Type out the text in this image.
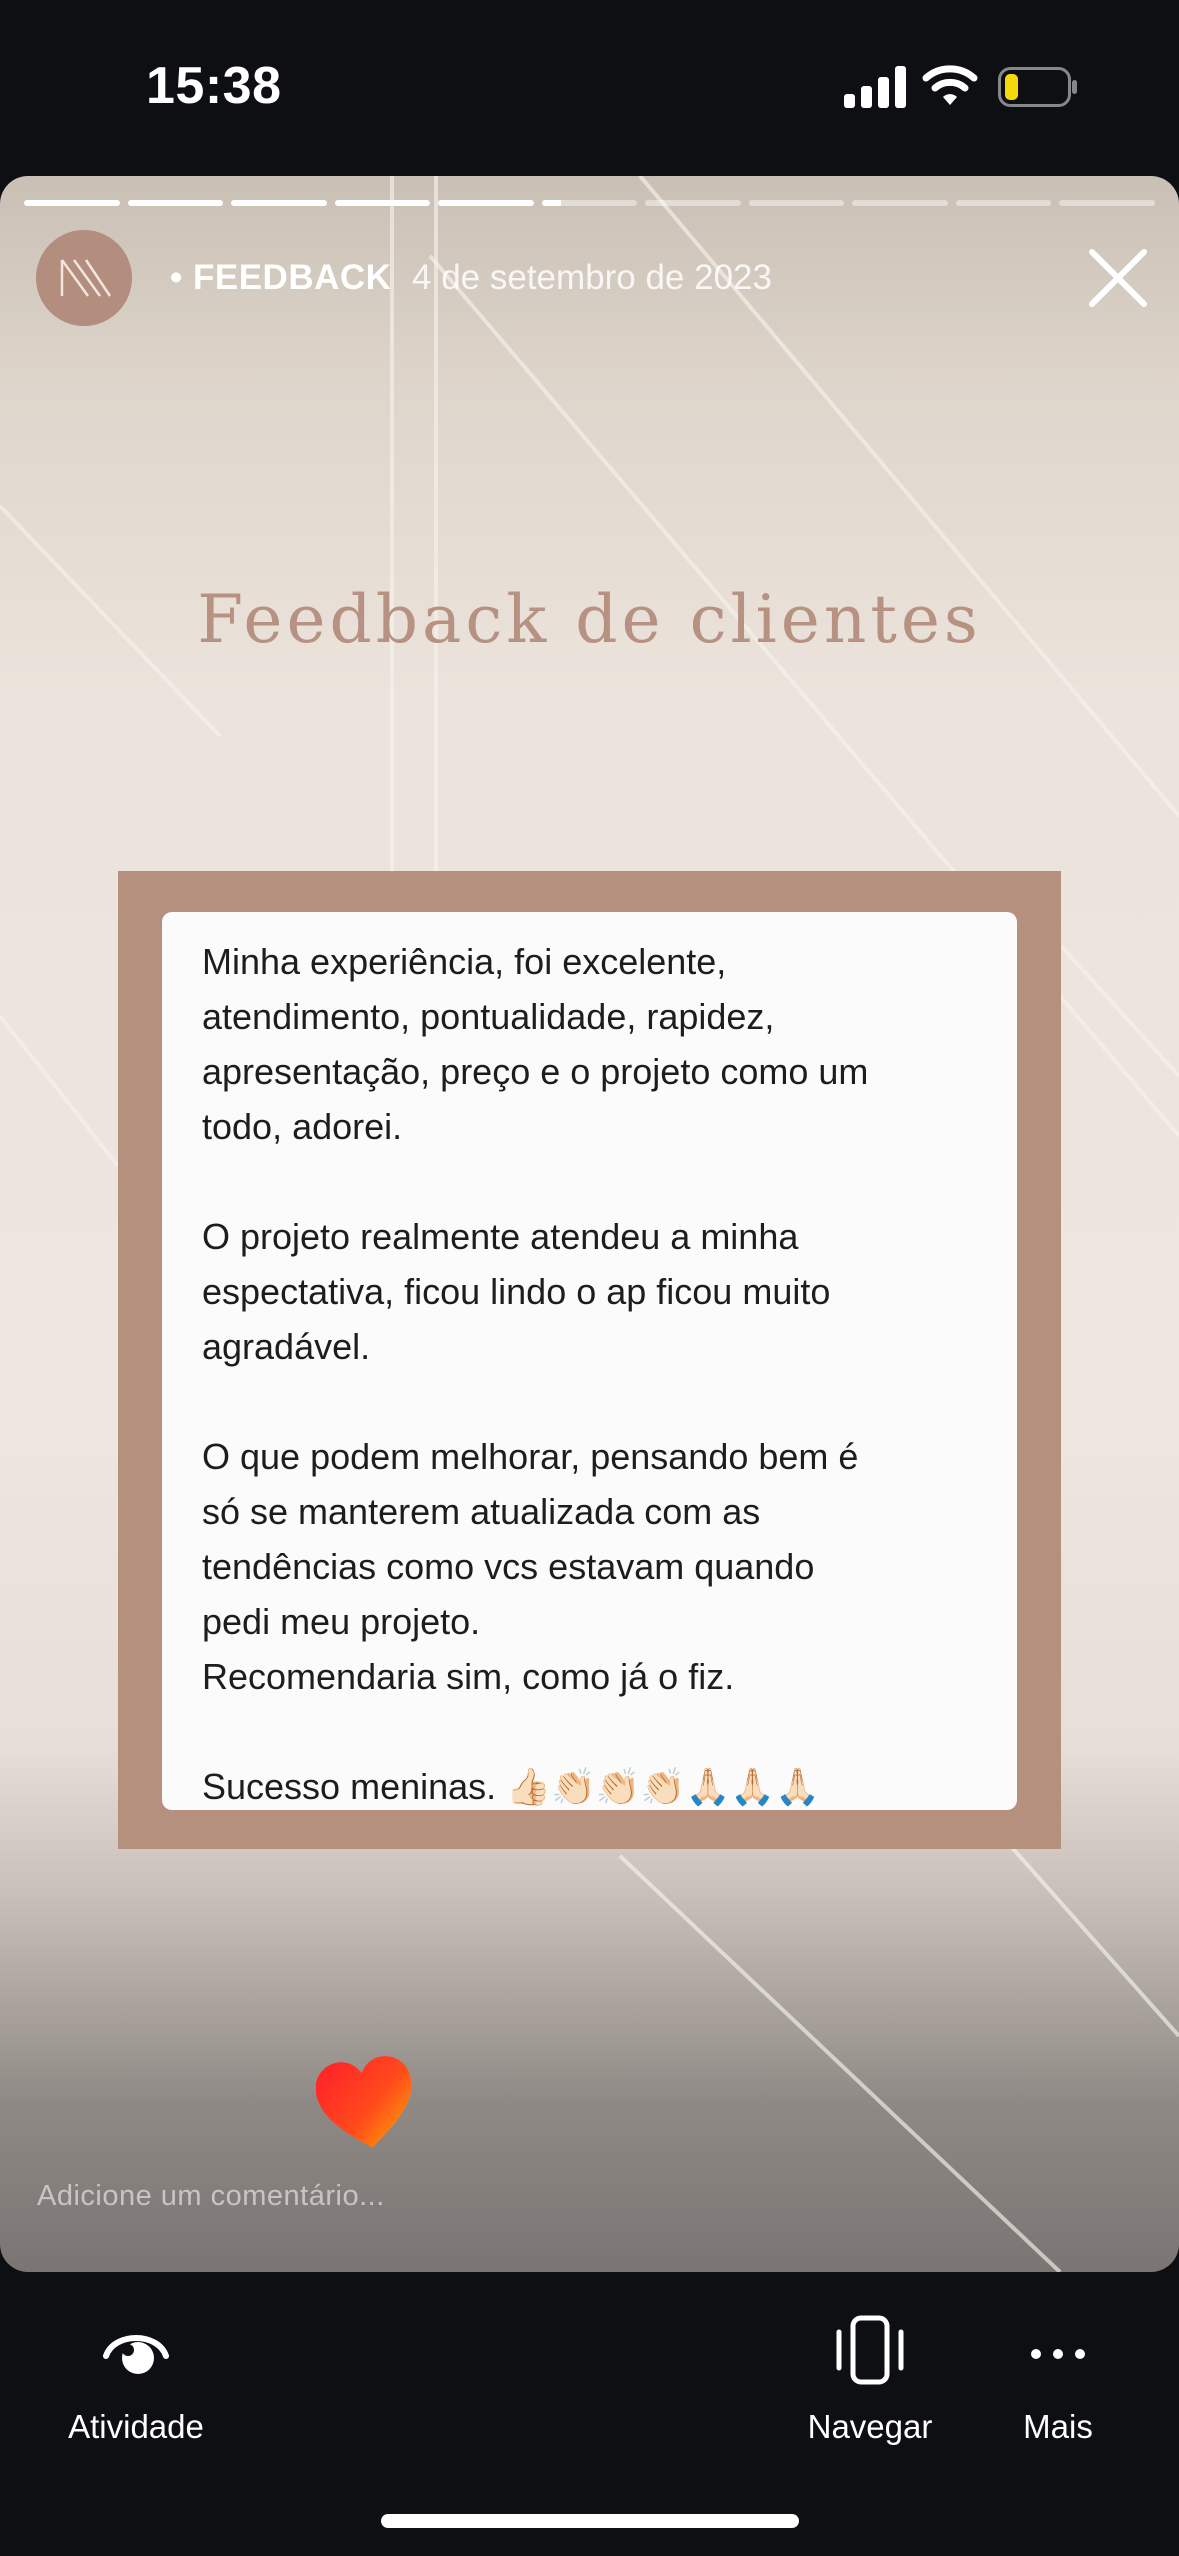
15:38
• FEEDBACK 4 de setembro de 2023
Feedback de clientes

Minha experiência, foi excelente,

atendimento, pontualidade, rapidez,

apresentação, preço e o projeto como um

todo, adorei.

O projeto realmente atendeu a minha

espectativa, ficou lindo o ap ficou muito

agradável.

O que podem melhorar, pensando bem é

só se manterem atualizada com as

tendências como vcs estavam quando

pedi meu projeto.

Recomendaria sim, como já o fiz.

Sucesso meninas. 👍🏻👏🏻👏🏻👏🏻🙏🏻🙏🏻🙏🏻

Adicione um comentário...
Atividade	Navegar	Mais
